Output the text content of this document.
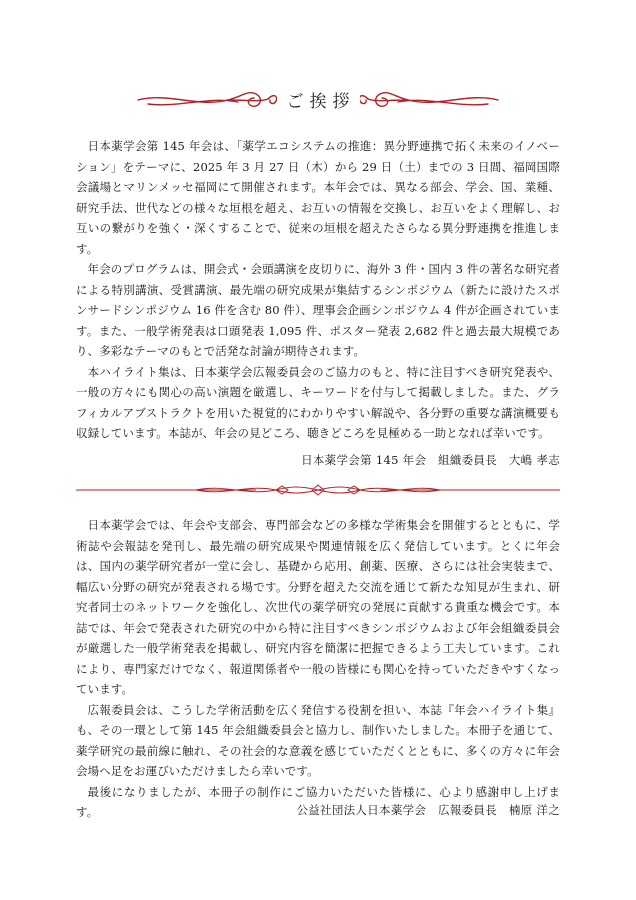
ご挨拶

日本薬学会第 145 年会は、「薬学エコシステムの推進：異分野連携で拓く未来のイノベーション」をテーマに、2025 年 3 月 27 日（木）から 29 日（土）までの 3 日間、福岡国際会議場とマリンメッセ福岡にて開催されます。本年会では、異なる部会、学会、国、業種、研究手法、世代などの様々な垣根を超え、お互いの情報を交換し、お互いをよく理解し、お互いの繋がりを強く・深くすることで、従来の垣根を超えたさらなる異分野連携を推進します。

年会のプログラムは、開会式・会頭講演を皮切りに、海外 3 件・国内 3 件の著名な研究者による特別講演、受賞講演、最先端の研究成果が集結するシンポジウム（新たに設けたスポンサードシンポジウム 16 件を含む 80 件）、理事会企画シンポジウム 4 件が企画されています。また、一般学術発表は口頭発表 1,095 件、ポスター発表 2,682 件と過去最大規模であり、多彩なテーマのもとで活発な討論が期待されます。

本ハイライト集は、日本薬学会広報委員会のご協力のもと、特に注目すべき研究発表や、一般の方々にも関心の高い演題を厳選し、キーワードを付与して掲載しました。また、グラフィカルアブストラクトを用いた視覚的にわかりやすい解説や、各分野の重要な講演概要も収録しています。本誌が、年会の見どころ、聴きどころを見極める一助となれば幸いです。

日本薬学会第 145 年会　組織委員長　大嶋 孝志

日本薬学会では、年会や支部会、専門部会などの多様な学術集会を開催するとともに、学術誌や会報誌を発刊し、最先端の研究成果や関連情報を広く発信しています。とくに年会は、国内の薬学研究者が一堂に会し、基礎から応用、創薬、医療、さらには社会実装まで、幅広い分野の研究が発表される場です。分野を超えた交流を通じて新たな知見が生まれ、研究者同士のネットワークを強化し、次世代の薬学研究の発展に貢献する貴重な機会です。本誌では、年会で発表された研究の中から特に注目すべきシンポジウムおよび年会組織委員会が厳選した一般学術発表を掲載し、研究内容を簡潔に把握できるよう工夫しています。これにより、専門家だけでなく、報道関係者や一般の皆様にも関心を持っていただきやすくなっています。

広報委員会は、こうした学術活動を広く発信する役割を担い、本誌『年会ハイライト集』も、その一環として第 145 年会組織委員会と協力し、制作いたしました。本冊子を通じて、薬学研究の最前線に触れ、その社会的な意義を感じていただくとともに、多くの方々に年会会場へ足をお運びいただけましたら幸いです。

最後になりましたが、本冊子の制作にご協力いただいた皆様に、心より感謝申し上げます。	公益社団法人日本薬学会　広報委員長　楠原 洋之
